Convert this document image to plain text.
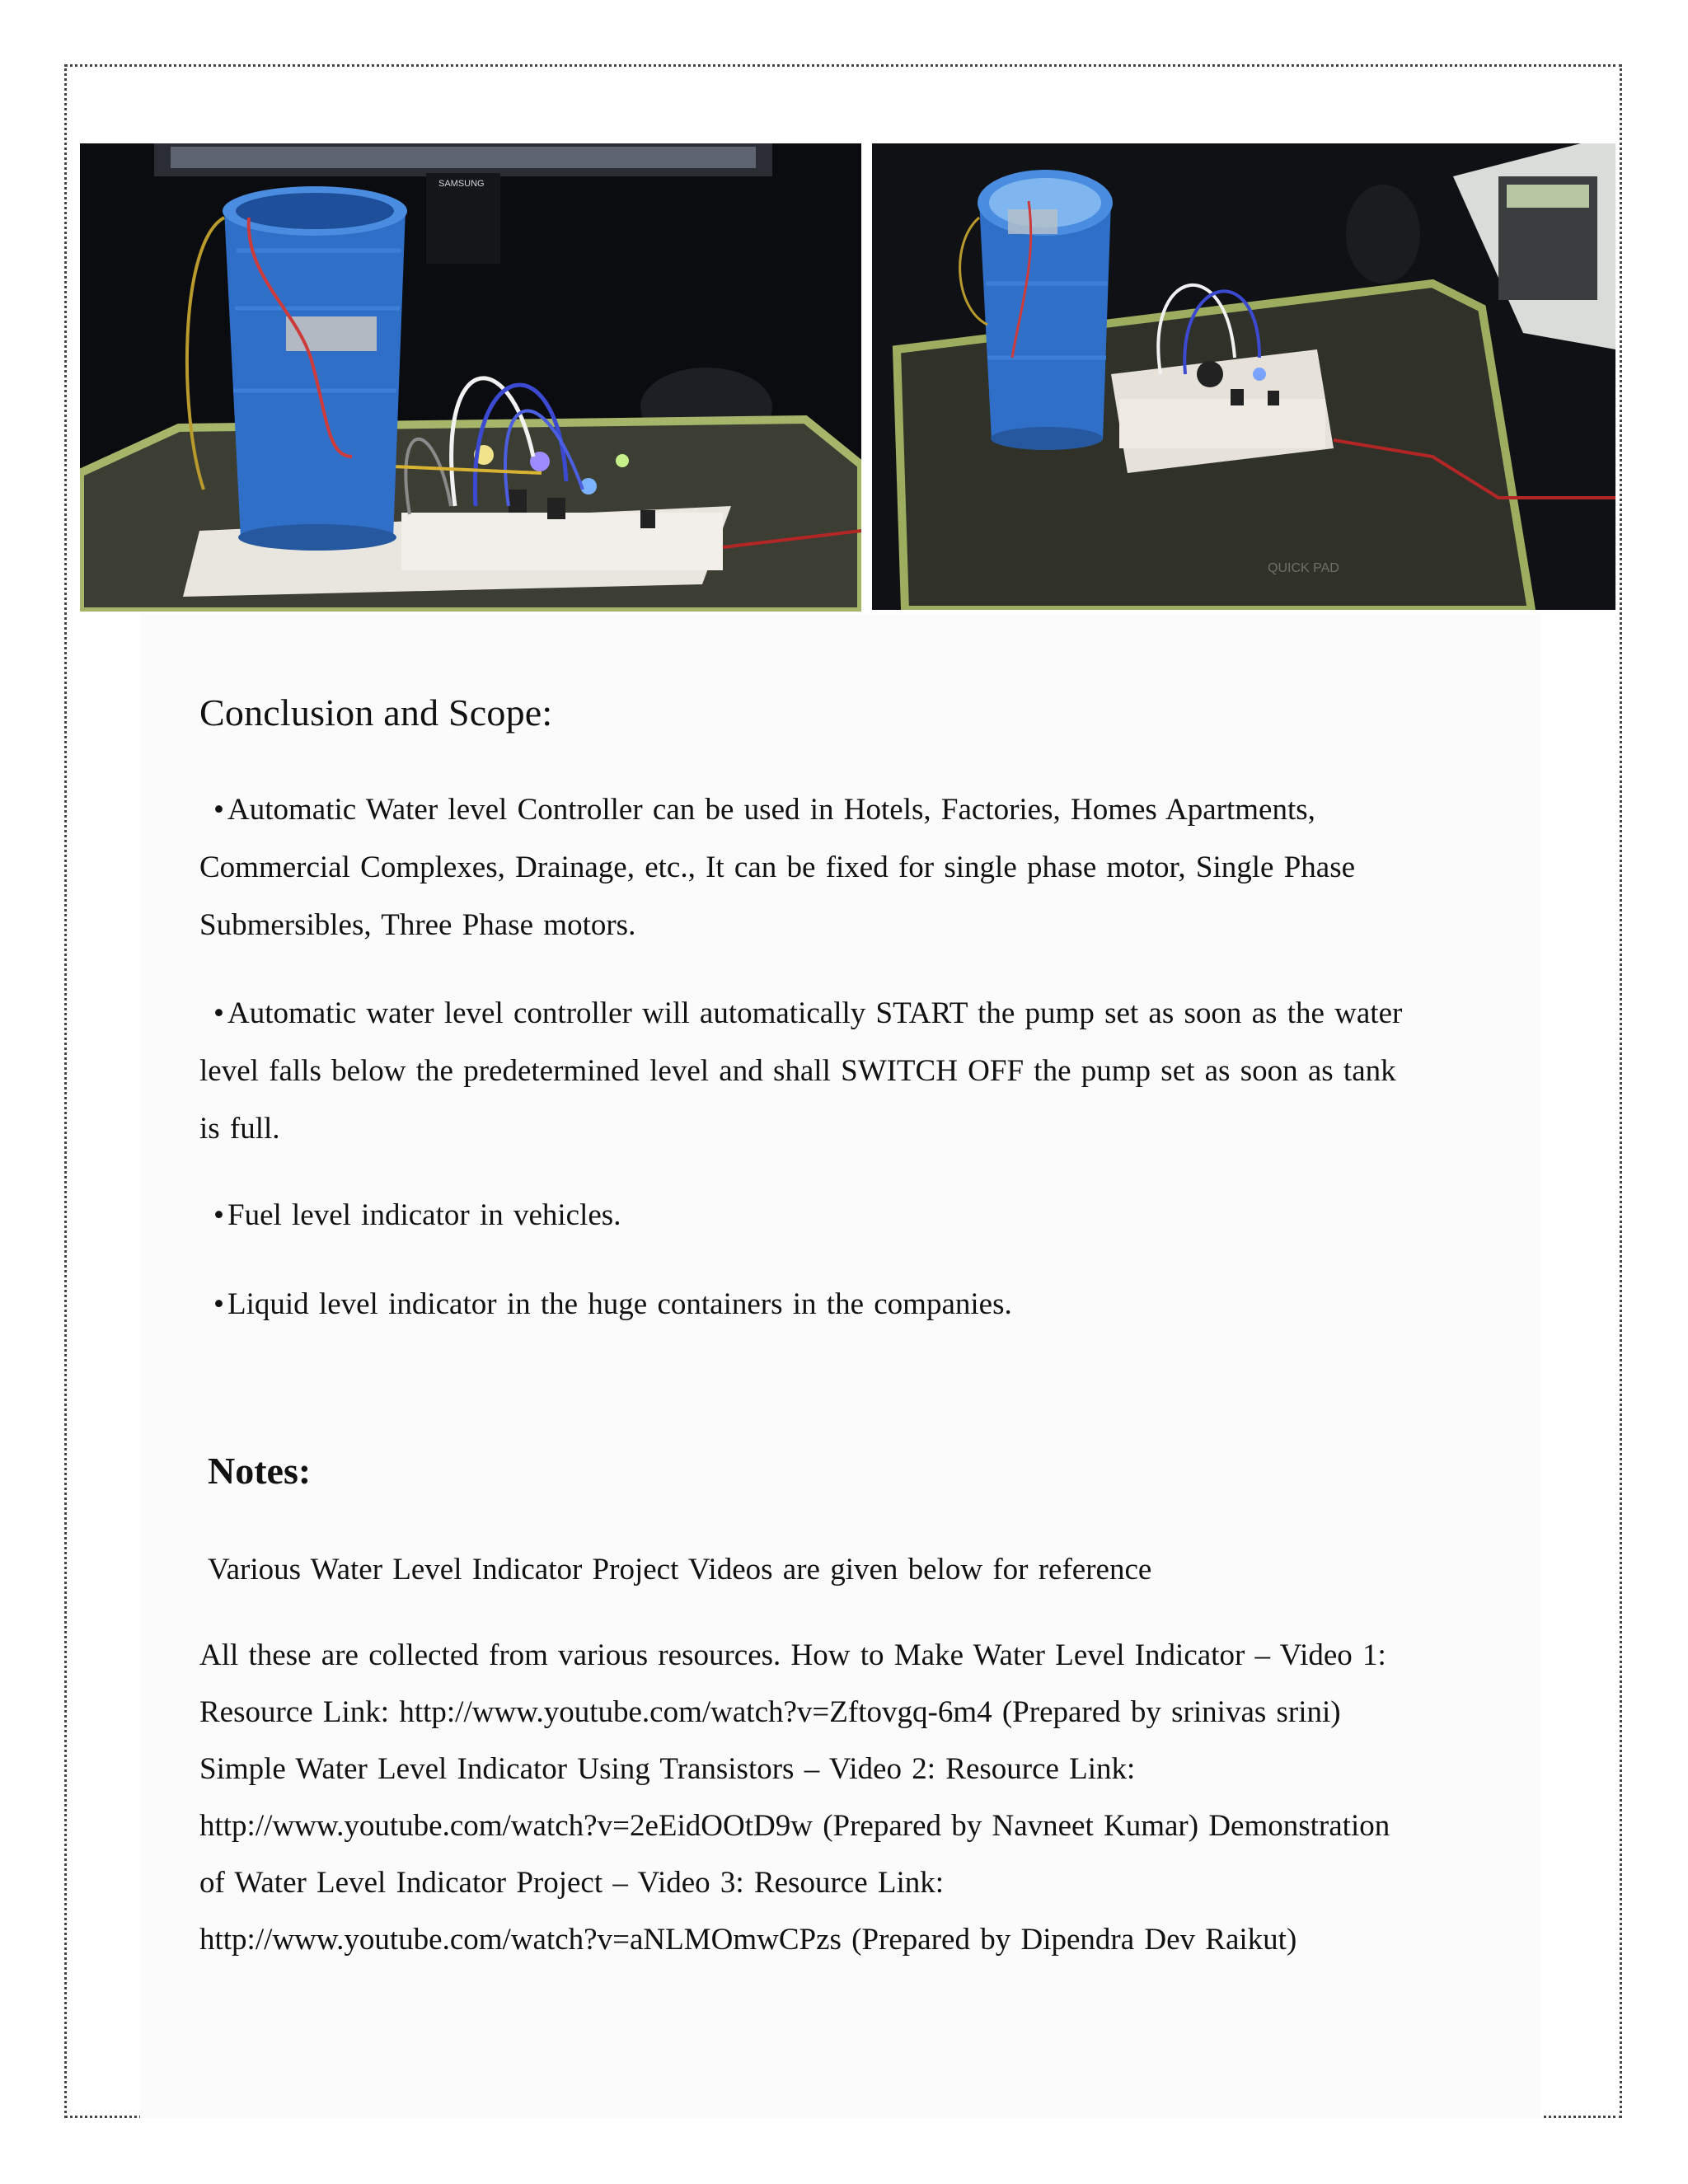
SAMSUNG
QUICK PAD
Conclusion and Scope:

• Automatic Water level Controller can be used in Hotels, Factories, Homes Apartments,
Commercial Complexes, Drainage, etc., It can be fixed for single phase motor, Single Phase
Submersibles, Three Phase motors.

• Automatic water level controller will automatically START the pump set as soon as the water
level falls below the predetermined level and shall SWITCH OFF the pump set as soon as tank
is full.

• Fuel level indicator in vehicles.

• Liquid level indicator in the huge containers in the companies.

Notes:
Various Water Level Indicator Project Videos are given below for reference

All these are collected from various resources. How to Make Water Level Indicator – Video 1:
Resource Link: http://www.youtube.com/watch?v=Zftovgq-6m4 (Prepared by srinivas srini)
Simple Water Level Indicator Using Transistors – Video 2: Resource Link:
http://www.youtube.com/watch?v=2eEidOOtD9w (Prepared by Navneet Kumar) Demonstration
of Water Level Indicator Project – Video 3: Resource Link:
http://www.youtube.com/watch?v=aNLMOmwCPzs (Prepared by Dipendra Dev Raikut)
